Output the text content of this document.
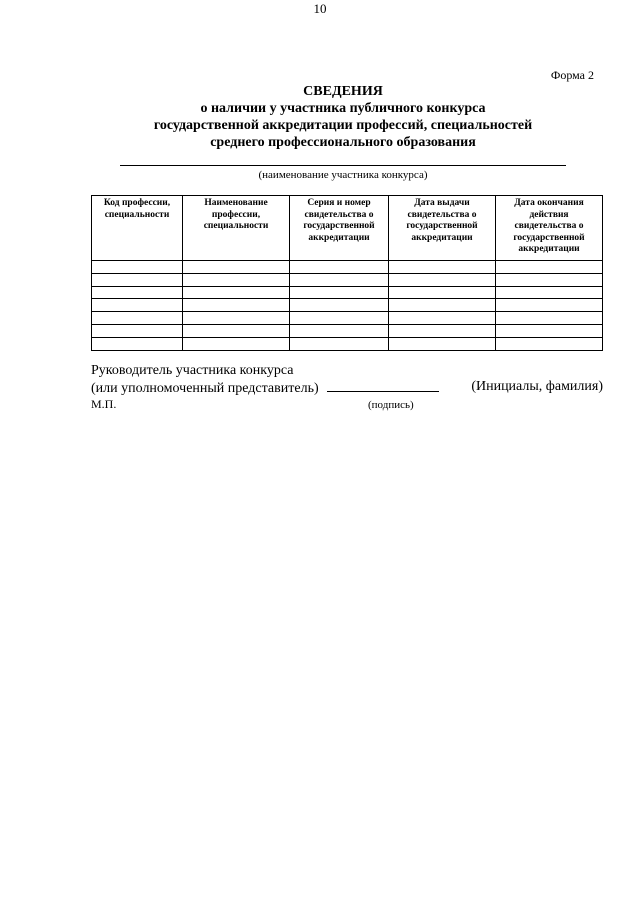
10
Форма 2
СВЕДЕНИЯ
о наличии у участника публичного конкурса
государственной аккредитации профессий, специальностей
среднего профессионального образования
(наименование участника конкурса)
Код профессии, специальности	Наименование профессии, специальности	Серия и номер свидетельства о государственной аккредитации	Дата выдачи свидетельства о государственной аккредитации	Дата окончания действия свидетельства о государственной аккредитации

Руководитель участника конкурса
(или уполномоченный представитель)	(Инициалы, фамилия)
М.П.	(подпись)
